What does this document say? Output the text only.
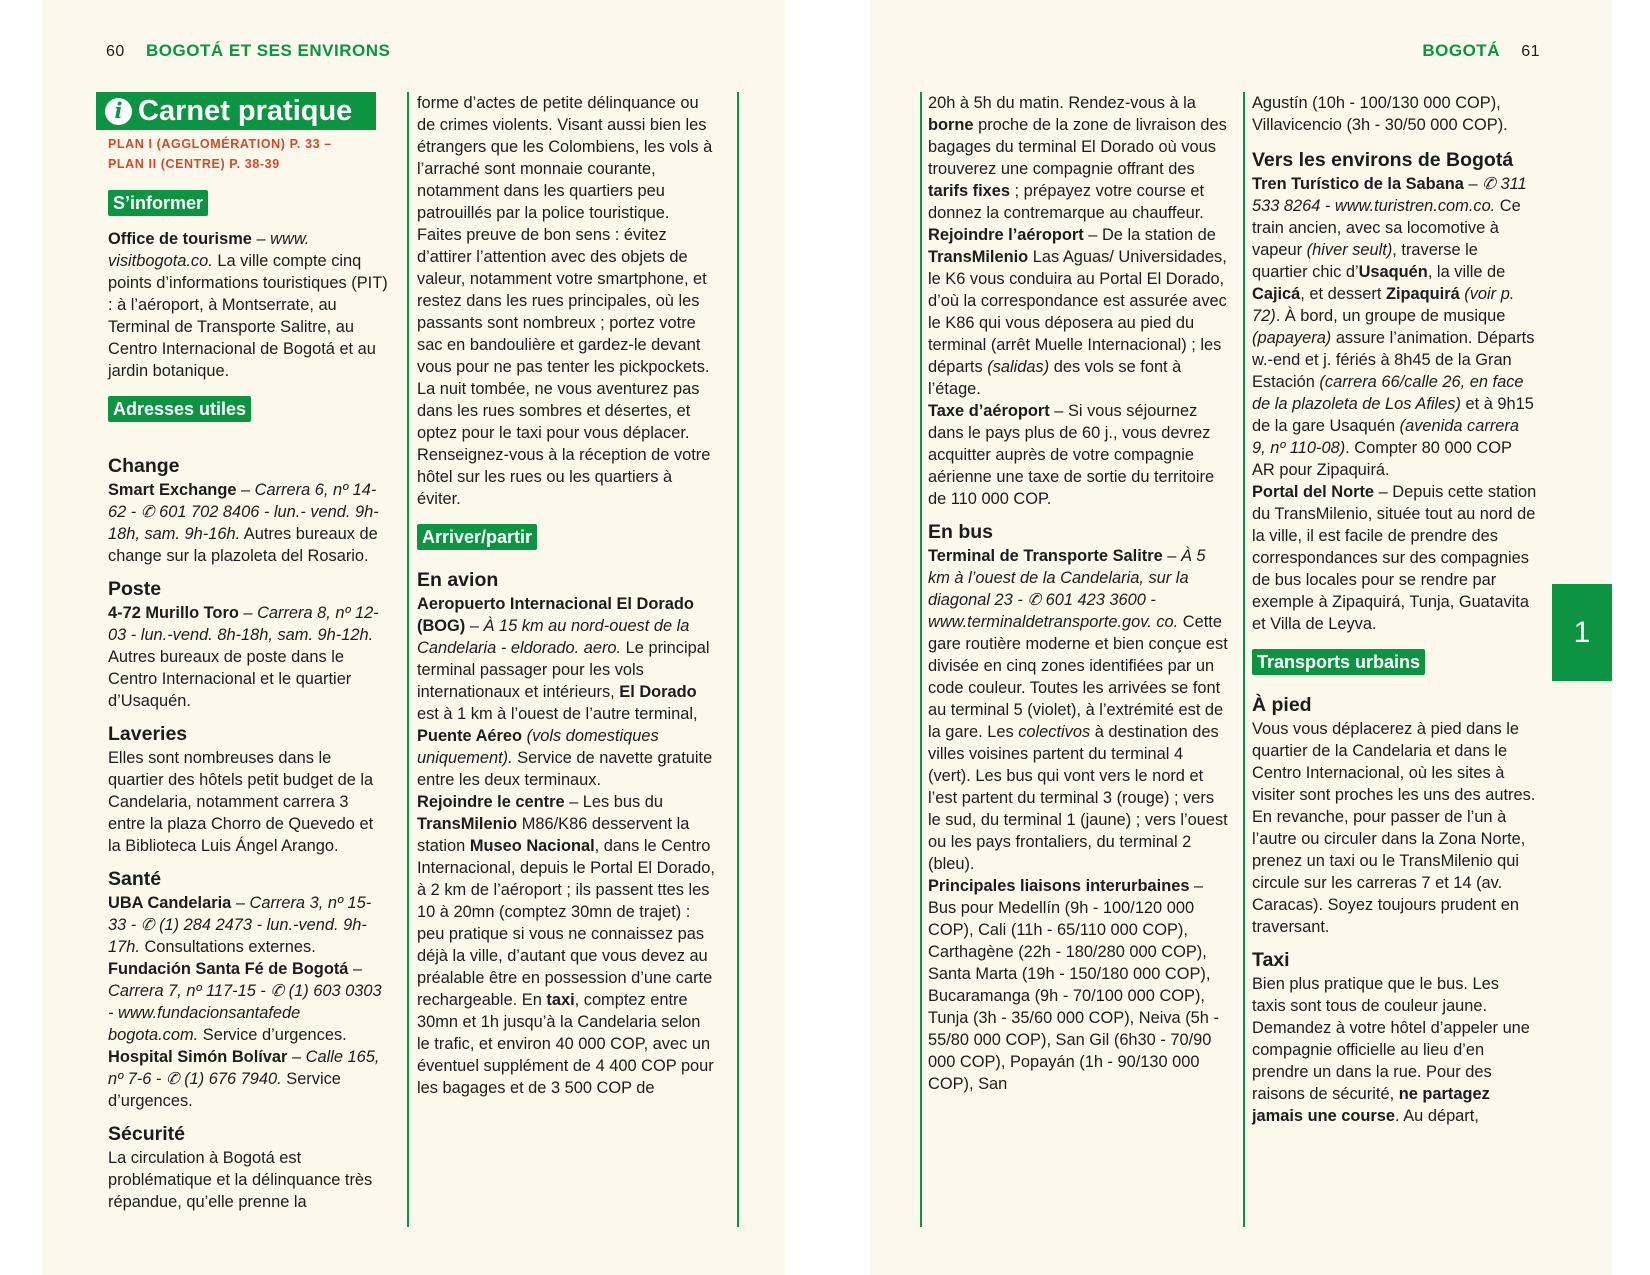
60 BOGOTÁ ET SES ENVIRONS
i Carnet pratique
PLAN I (AGGLOMÉRATION) P. 33 –
PLAN II (CENTRE) P. 38-39
S’informer

Office de tourisme – www. visitbogota.co. La ville compte cinq points d’informations touristiques (PIT) : à l’aéroport, à Montserrate, au Terminal de Transporte Salitre, au Centro Internacional de Bogotá et au jardin botanique.

Adresses utiles
Change

Smart Exchange – Carrera 6, nº 14-62 - ✆ 601 702 8406 - lun.- vend. 9h-18h, sam. 9h-16h. Autres bureaux de change sur la plazoleta del Rosario.

Poste

4-72 Murillo Toro – Carrera 8, nº 12-03 - lun.-vend. 8h-18h, sam. 9h-12h. Autres bureaux de poste dans le Centro Internacional et le quartier d’Usaquén.

Laveries

Elles sont nombreuses dans le quartier des hôtels petit budget de la Candelaria, notamment carrera 3 entre la plaza Chorro de Quevedo et la Biblioteca Luis Ángel Arango.

Santé

UBA Candelaria – Carrera 3, nº 15-33 - ✆ (1) 284 2473 - lun.-vend. 9h-17h. Consultations externes.

Fundación Santa Fé de Bogotá – Carrera 7, nº 117-15 - ✆ (1) 603 0303 - www.fundacionsantafede bogota.com. Service d’urgences.

Hospital Simón Bolívar – Calle 165, nº 7-6 - ✆ (1) 676 7940. Service d’urgences.

Sécurité

La circulation à Bogotá est problématique et la délinquance très répandue, qu’elle prenne la

forme d’actes de petite délinquance ou de crimes violents. Visant aussi bien les étrangers que les Colombiens, les vols à l’arraché sont monnaie courante, notamment dans les quartiers peu patrouillés par la police touristique. Faites preuve de bon sens : évitez d’attirer l’attention avec des objets de valeur, notamment votre smartphone, et restez dans les rues principales, où les passants sont nombreux ; portez votre sac en bandoulière et gardez-le devant vous pour ne pas tenter les pickpockets. La nuit tombée, ne vous aventurez pas dans les rues sombres et désertes, et optez pour le taxi pour vous déplacer. Renseignez-vous à la réception de votre hôtel sur les rues ou les quartiers à éviter.

Arriver/partir
En avion

Aeropuerto Internacional El Dorado (BOG) – À 15 km au nord-ouest de la Candelaria - eldorado. aero. Le principal terminal passager pour les vols internationaux et intérieurs, El Dorado est à 1 km à l’ouest de l’autre terminal, Puente Aéreo (vols domestiques uniquement). Service de navette gratuite entre les deux terminaux.

Rejoindre le centre – Les bus du TransMilenio M86/K86 desservent la station Museo Nacional, dans le Centro Internacional, depuis le Portal El Dorado, à 2 km de l’aéroport ; ils passent ttes les 10 à 20mn (comptez 30mn de trajet) : peu pratique si vous ne connaissez pas déjà la ville, d’autant que vous devez au préalable être en possession d’une carte rechargeable. En taxi, comptez entre 30mn et 1h jusqu’à la Candelaria selon le trafic, et environ 40 000 COP, avec un éventuel supplément de 4 400 COP pour les bagages et de 3 500 COP de

20h à 5h du matin. Rendez-vous à la borne proche de la zone de livraison des bagages du terminal El Dorado où vous trouverez une compagnie offrant des tarifs fixes ; prépayez votre course et donnez la contremarque au chauffeur.

Rejoindre l’aéroport – De la station de TransMilenio Las Aguas/ Universidades, le K6 vous conduira au Portal El Dorado, d’où la correspondance est assurée avec le K86 qui vous déposera au pied du terminal (arrêt Muelle Internacional) ; les départs (salidas) des vols se font à l’étage.

Taxe d’aéroport – Si vous séjournez dans le pays plus de 60 j., vous devrez acquitter auprès de votre compagnie aérienne une taxe de sortie du territoire de 110 000 COP.

En bus

Terminal de Transporte Salitre – À 5 km à l’ouest de la Candelaria, sur la diagonal 23 - ✆ 601 423 3600 - www.terminaldetransporte.gov. co. Cette gare routière moderne et bien conçue est divisée en cinq zones identifiées par un code couleur. Toutes les arrivées se font au terminal 5 (violet), à l’extrémité est de la gare. Les colectivos à destination des villes voisines partent du terminal 4 (vert). Les bus qui vont vers le nord et l’est partent du terminal 3 (rouge) ; vers le sud, du terminal 1 (jaune) ; vers l’ouest ou les pays frontaliers, du terminal 2 (bleu).

Principales liaisons interurbaines – Bus pour Medellín (9h - 100/120 000 COP), Cali (11h - 65/110 000 COP), Carthagène (22h - 180/280 000 COP), Santa Marta (19h - 150/180 000 COP), Bucaramanga (9h - 70/100 000 COP), Tunja (3h - 35/60 000 COP), Neiva (5h - 55/80 000 COP), San Gil (6h30 - 70/90 000 COP), Popayán (1h - 90/130 000 COP), San

Agustín (10h - 100/130 000 COP), Villavicencio (3h - 30/50 000 COP).

Vers les environs de Bogotá

Tren Turístico de la Sabana – ✆ 311 533 8264 - www.turistren.com.co. Ce train ancien, avec sa locomotive à vapeur (hiver seult), traverse le quartier chic d’Usaquén, la ville de Cajicá, et dessert Zipaquirá (voir p. 72). À bord, un groupe de musique (papayera) assure l’animation. Départs w.-end et j. fériés à 8h45 de la Gran Estación (carrera 66/calle 26, en face de la plazoleta de Los Afiles) et à 9h15 de la gare Usaquén (avenida carrera 9, nº 110-08). Compter 80 000 COP AR pour Zipaquirá.

Portal del Norte – Depuis cette station du TransMilenio, située tout au nord de la ville, il est facile de prendre des correspondances sur des compagnies de bus locales pour se rendre par exemple à Zipaquirá, Tunja, Guatavita et Villa de Leyva.

Transports urbains
À pied

Vous vous déplacerez à pied dans le quartier de la Candelaria et dans le Centro Internacional, où les sites à visiter sont proches les uns des autres. En revanche, pour passer de l’un à l’autre ou circuler dans la Zona Norte, prenez un taxi ou le TransMilenio qui circule sur les carreras 7 et 14 (av. Caracas). Soyez toujours prudent en traversant.

Taxi

Bien plus pratique que le bus. Les taxis sont tous de couleur jaune. Demandez à votre hôtel d’appeler une compagnie officielle au lieu d’en prendre un dans la rue. Pour des raisons de sécurité, ne partagez jamais une course. Au départ,

BOGOTÁ 61
1
